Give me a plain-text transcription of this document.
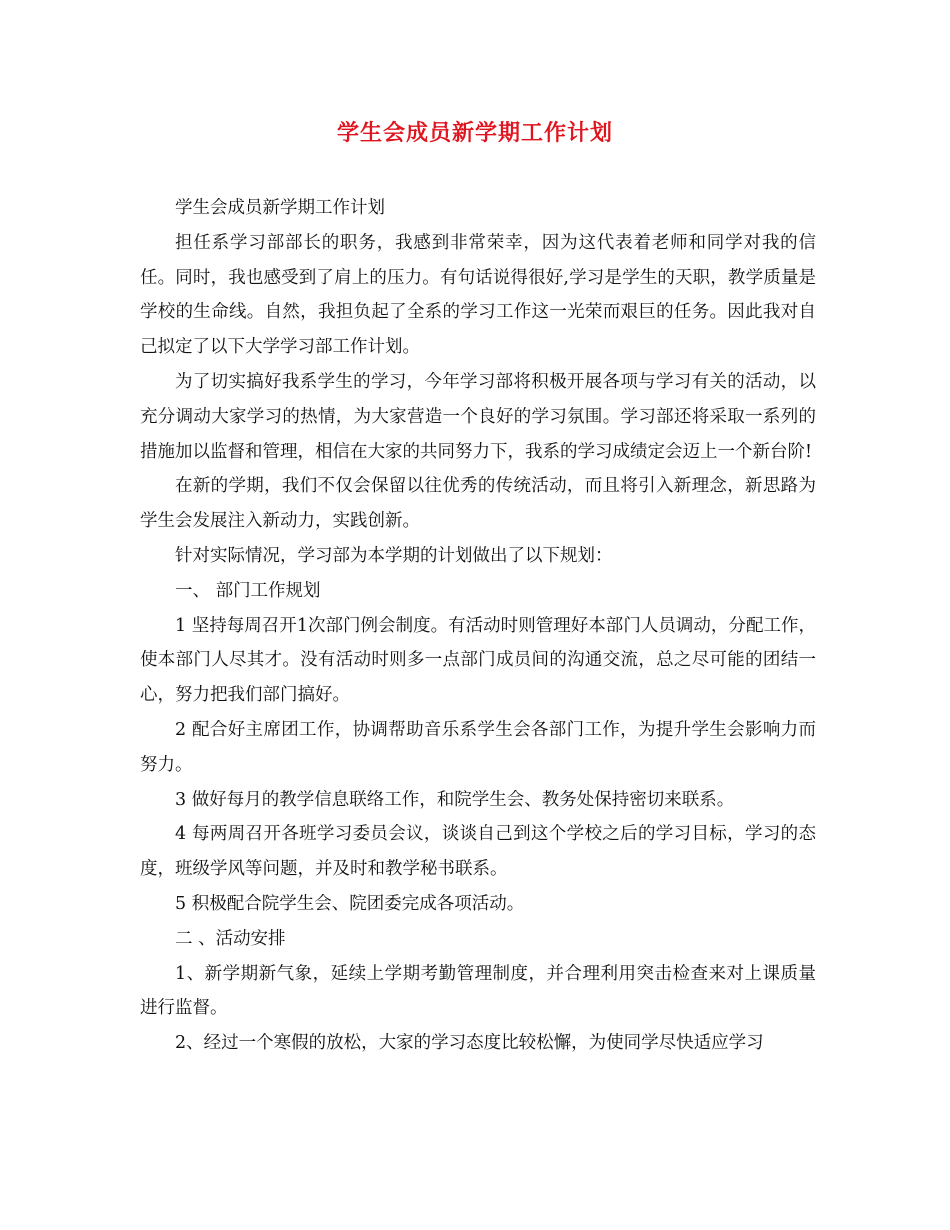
学生会成员新学期工作计划

学生会成员新学期工作计划

担任系学习部部长的职务，我感到非常荣幸，因为这代表着老师和同学对我的信任。同时，我也感受到了肩上的压力。有句话说得很好,学习是学生的天职，教学质量是学校的生命线。自然，我担负起了全系的学习工作这一光荣而艰巨的任务。因此我对自己拟定了以下大学学习部工作计划。

为了切实搞好我系学生的学习，今年学习部将积极开展各项与学习有关的活动，以充分调动大家学习的热情，为大家营造一个良好的学习氛围。学习部还将采取一系列的措施加以监督和管理，相信在大家的共同努力下，我系的学习成绩定会迈上一个新台阶!

在新的学期，我们不仅会保留以往优秀的传统活动，而且将引入新理念，新思路为学生会发展注入新动力，实践创新。

针对实际情况，学习部为本学期的计划做出了以下规划：

一、 部门工作规划

1 坚持每周召开1次部门例会制度。有活动时则管理好本部门人员调动，分配工作，使本部门人尽其才。没有活动时则多一点部门成员间的沟通交流，总之尽可能的团结一心，努力把我们部门搞好。

2 配合好主席团工作，协调帮助音乐系学生会各部门工作，为提升学生会影响力而努力。

3 做好每月的教学信息联络工作，和院学生会、教务处保持密切来联系。

4 每两周召开各班学习委员会议，谈谈自己到这个学校之后的学习目标，学习的态度，班级学风等问题，并及时和教学秘书联系。

5 积极配合院学生会、院团委完成各项活动。

二 、活动安排

1、新学期新气象，延续上学期考勤管理制度，并合理利用突击检查来对上课质量进行监督。

2、经过一个寒假的放松，大家的学习态度比较松懈，为使同学尽快适应学习
